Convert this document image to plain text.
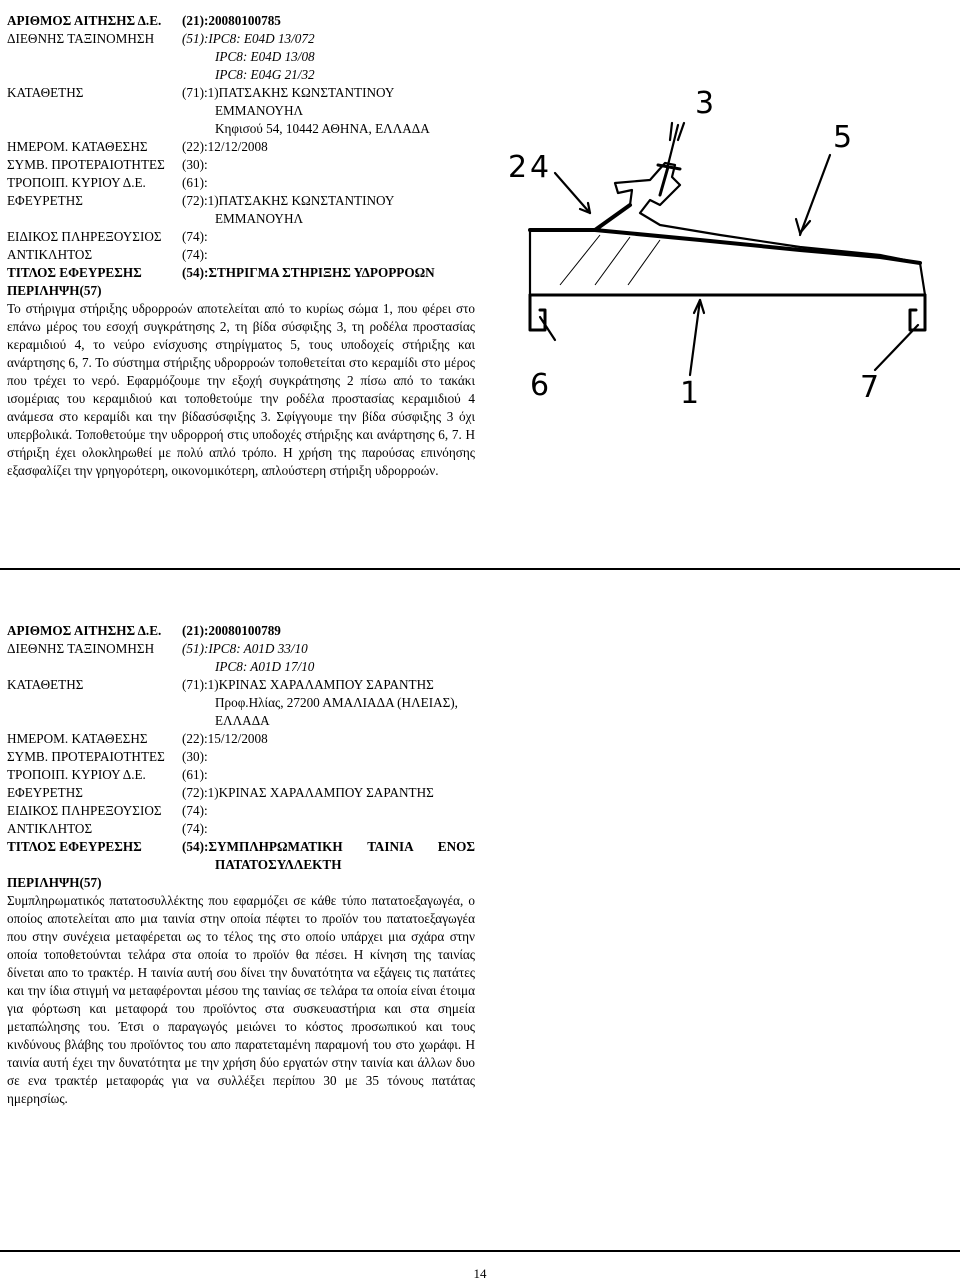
ΑΡΙΘΜΟΣ ΑΙΤΗΣΗΣ Δ.Ε.	(21):20080100785
ΔΙΕΘΝΗΣ ΤΑΞΙΝΟΜΗΣΗ	(51):IPC8: E04D 13/072
IPC8: E04D 13/08
IPC8: E04G 21/32
ΚΑΤΑΘΕΤΗΣ	(71):1)ΠΑΤΣΑΚΗΣ ΚΩΝΣΤΑΝΤΙΝΟΥ
ΕΜΜΑΝΟΥΗΛ
Κηφισού 54, 10442 ΑΘΗΝΑ, ΕΛΛΑΔΑ
ΗΜΕΡΟΜ. ΚΑΤΑΘΕΣΗΣ	(22):12/12/2008
ΣΥΜΒ. ΠΡΟΤΕΡΑΙΟΤΗΤΕΣ	(30):
ΤΡΟΠΟΙΠ. ΚΥΡΙΟΥ Δ.Ε.	(61):
ΕΦΕΥΡΕΤΗΣ	(72):1)ΠΑΤΣΑΚΗΣ ΚΩΝΣΤΑΝΤΙΝΟΥ
ΕΜΜΑΝΟΥΗΛ
ΕΙΔΙΚΟΣ ΠΛΗΡΕΞΟΥΣΙΟΣ	(74):
ΑΝΤΙΚΛΗΤΟΣ	(74):
ΤΙΤΛΟΣ ΕΦΕΥΡΕΣΗΣ	(54):ΣΤΗΡΙΓΜΑ ΣΤΗΡΙΞΗΣ ΥΔΡΟΡΡΟΩΝ
ΠΕΡΙΛΗΨΗ(57)
Το στήριγμα στήριξης υδρορροών αποτελείται από το κυρίως σώμα 1, που φέρει στο επάνω μέρος του εσοχή συγκράτησης 2, τη βίδα σύσφιξης 3, τη ροδέλα προστασίας κεραμιδιού 4, το νεύρο ενίσχυσης στηρίγματος 5, τους υποδοχείς στήριξης και ανάρτησης 6, 7. Το σύστημα στήριξης υδρορροών τοποθετείται στο κεραμίδι στο μέρος που τρέχει το νερό. Εφαρμόζουμε την εξοχή συγκράτησης 2 πίσω από το τακάκι ισομέριας του κεραμιδιού και τοποθετούμε την ροδέλα προστασίας κεραμιδιού 4 ανάμεσα στο κεραμίδι και την βίδασύσφιξης 3. Σφίγγουμε την βίδα σύσφιξης 3 όχι υπερβολικά. Τοποθετούμε την υδρορροή στις υποδοχές στήριξης και ανάρτησης 6, 7. Η στήριξη έχει ολοκληρωθεί με πολύ απλό τρόπο. Η χρήση της παρούσας επινόησης εξασφαλίζει την γρηγορότερη, οικονομικότερη, απλούστερη στήριξη υδρορροών.
3
5
2 4
6	1	7
ΑΡΙΘΜΟΣ ΑΙΤΗΣΗΣ Δ.Ε.	(21):20080100789
ΔΙΕΘΝΗΣ ΤΑΞΙΝΟΜΗΣΗ	(51):IPC8: A01D 33/10
IPC8: A01D 17/10
ΚΑΤΑΘΕΤΗΣ	(71):1)ΚΡΙΝΑΣ ΧΑΡΑΛΑΜΠΟΥ ΣΑΡΑΝΤΗΣ
Προφ.Ηλίας, 27200 ΑΜΑΛΙΑΔΑ (ΗΛΕΙΑΣ),
ΕΛΛΑΔΑ
ΗΜΕΡΟΜ. ΚΑΤΑΘΕΣΗΣ	(22):15/12/2008
ΣΥΜΒ. ΠΡΟΤΕΡΑΙΟΤΗΤΕΣ	(30):
ΤΡΟΠΟΙΠ. ΚΥΡΙΟΥ Δ.Ε.	(61):
ΕΦΕΥΡΕΤΗΣ	(72):1)ΚΡΙΝΑΣ ΧΑΡΑΛΑΜΠΟΥ ΣΑΡΑΝΤΗΣ
ΕΙΔΙΚΟΣ ΠΛΗΡΕΞΟΥΣΙΟΣ	(74):
ΑΝΤΙΚΛΗΤΟΣ	(74):
ΤΙΤΛΟΣ ΕΦΕΥΡΕΣΗΣ	(54):ΣΥΜΠΛΗΡΩΜΑΤΙΚΗ ΤΑΙΝΙΑ ΕΝΟΣ
ΠΑΤΑΤΟΣΥΛΛΕΚΤΗ
ΠΕΡΙΛΗΨΗ(57)
Συμπληρωματικός πατατοσυλλέκτης που εφαρμόζει σε κάθε τύπο πατατοεξαγωγέα, ο οποίος αποτελείται απο μια ταινία στην οποία πέφτει το προϊόν του πατατοεξαγωγέα που στην συνέχεια μεταφέρεται ως το τέλος της στο οποίο υπάρχει μια σχάρα στην οποία τοποθετούνται τελάρα στα οποία το προϊόν θα πέσει. Η κίνηση της ταινίας δίνεται απο το τρακτέρ. Η ταινία αυτή σου δίνει την δυνατότητα να εξάγεις τις πατάτες και την ίδια στιγμή να μεταφέρονται μέσου της ταινίας σε τελάρα τα οποία είναι έτοιμα για φόρτωση και μεταφορά του προϊόντος στα συσκευαστήρια και στα σημεία μεταπώλησης του. Έτσι ο παραγωγός μειώνει το κόστος προσωπικού και τους κινδύνους βλάβης του προϊόντος του απο παρατεταμένη παραμονή του στο χωράφι. Η ταινία αυτή έχει την δυνατότητα με την χρήση δύο εργατών στην ταινία και άλλων δυο σε ενα τρακτέρ μεταφοράς για να συλλέξει περίπου 30 με 35 τόνους πατάτας ημερησίως.
14
